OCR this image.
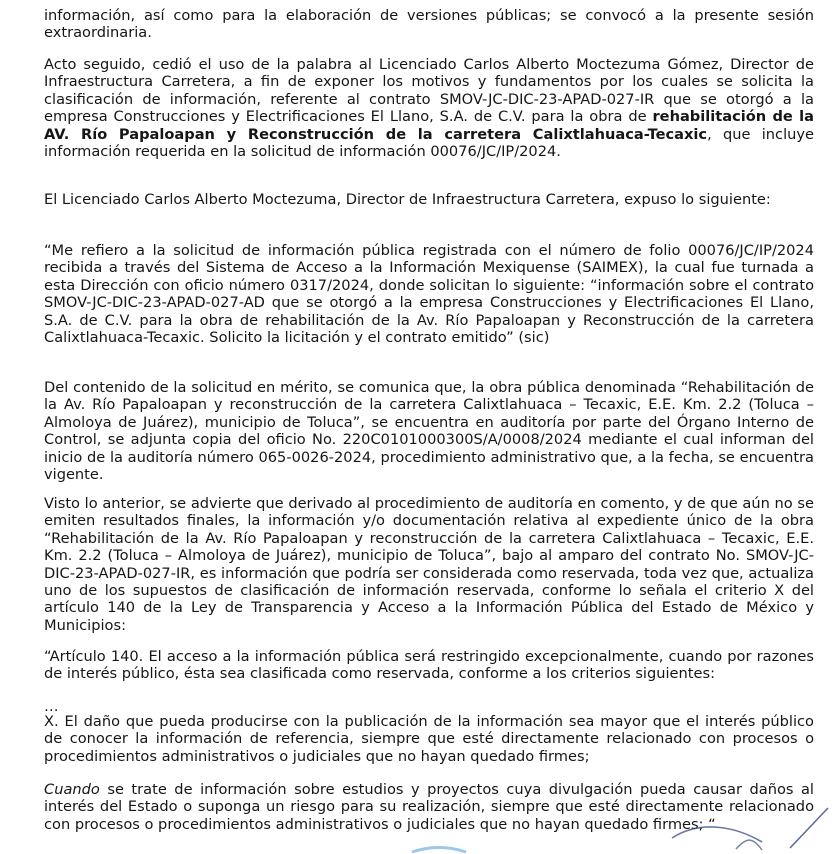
información, así como para la elaboración de versiones públicas; se convocó a la presente sesión extraordinaria.

Acto seguido, cedió el uso de la palabra al Licenciado Carlos Alberto Moctezuma Gómez, Director de Infraestructura Carretera, a fin de exponer los motivos y fundamentos por los cuales se solicita la clasificación de información, referente al contrato SMOV-JC-DIC-23-APAD-027-IR que se otorgó a la empresa Construcciones y Electrificaciones El Llano, S.A. de C.V. para la obra de rehabilitación de la AV. Río Papaloapan y Reconstrucción de la carretera Calixtlahuaca-Tecaxic, que incluye información requerida en la solicitud de información 00076/JC/IP/2024.

El Licenciado Carlos Alberto Moctezuma, Director de Infraestructura Carretera, expuso lo siguiente:

“Me refiero a la solicitud de información pública registrada con el número de folio 00076/JC/IP/2024 recibida a través del Sistema de Acceso a la Información Mexiquense (SAIMEX), la cual fue turnada a esta Dirección con oficio número 0317/2024, donde solicitan lo siguiente: “información sobre el contrato SMOV-JC-DIC-23-APAD-027-AD que se otorgó a la empresa Construcciones y Electrificaciones El Llano, S.A. de C.V. para la obra de rehabilitación de la Av. Río Papaloapan y Reconstrucción de la carretera Calixtlahuaca-Tecaxic. Solicito la licitación y el contrato emitido” (sic)

Del contenido de la solicitud en mérito, se comunica que, la obra pública denominada “Rehabilitación de la Av. Río Papaloapan y reconstrucción de la carretera Calixtlahuaca – Tecaxic, E.E. Km. 2.2 (Toluca – Almoloya de Juárez), municipio de Toluca”, se encuentra en auditoría por parte del Órgano Interno de Control, se adjunta copia del oficio No. 220C0101000300S/A/0008/2024 mediante el cual informan del inicio de la auditoría número 065-0026-2024, procedimiento administrativo que, a la fecha, se encuentra vigente.

Visto lo anterior, se advierte que derivado al procedimiento de auditoría en comento, y de que aún no se emiten resultados finales, la información y/o documentación relativa al expediente único de la obra “Rehabilitación de la Av. Río Papaloapan y reconstrucción de la carretera Calixtlahuaca – Tecaxic, E.E. Km. 2.2 (Toluca – Almoloya de Juárez), municipio de Toluca”, bajo al amparo del contrato No. SMOV-JC-DIC-23-APAD-027-IR, es información que podría ser considerada como reservada, toda vez que, actualiza uno de los supuestos de clasificación de información reservada, conforme lo señala el criterio X del artículo 140 de la Ley de Transparencia y Acceso a la Información Pública del Estado de México y Municipios:

“Artículo 140. El acceso a la información pública será restringido excepcionalmente, cuando por razones de interés público, ésta sea clasificada como reservada, conforme a los criterios siguientes:

…

X. El daño que pueda producirse con la publicación de la información sea mayor que el interés público de conocer la información de referencia, siempre que esté directamente relacionado con procesos o procedimientos administrativos o judiciales que no hayan quedado firmes;

Cuando se trate de información sobre estudios y proyectos cuya divulgación pueda causar daños al interés del Estado o suponga un riesgo para su realización, siempre que esté directamente relacionado con procesos o procedimientos administrativos o judiciales que no hayan quedado firmes; “
